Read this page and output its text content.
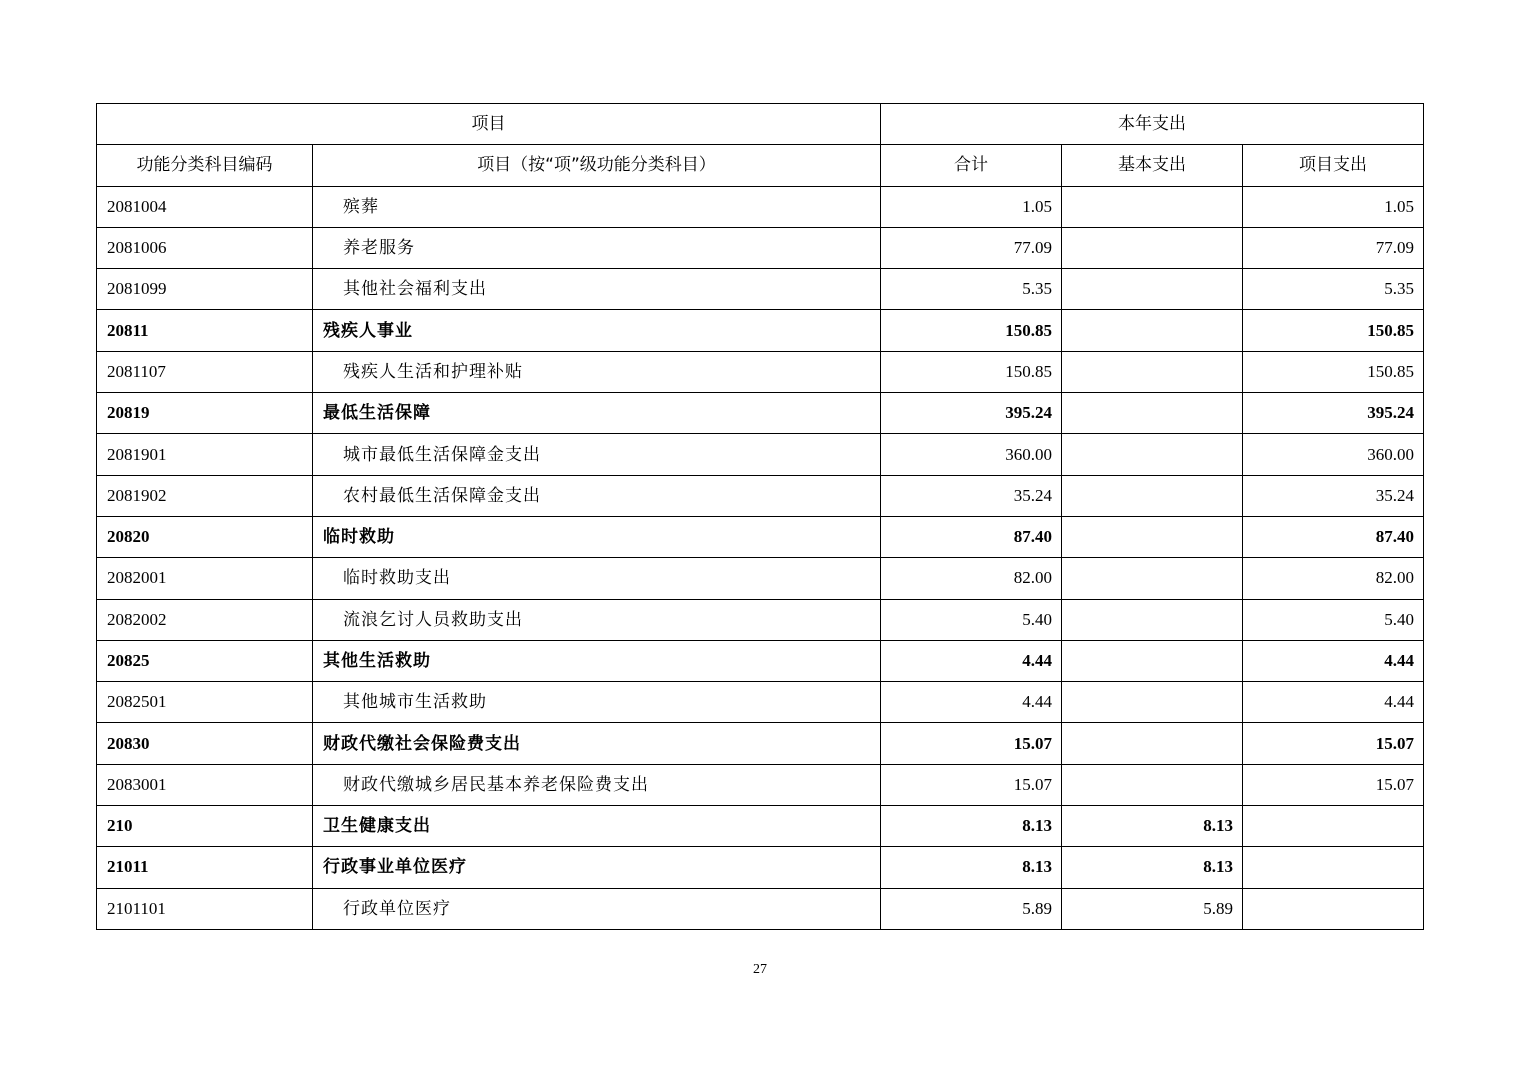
项目		本年支出		
功能分类科目编码	项目（按“项”级功能分类科目）	合计	基本支出	项目支出
2081004	殡葬	1.05		1.05
2081006	养老服务	77.09		77.09
2081099	其他社会福利支出	5.35		5.35
20811	残疾人事业	150.85		150.85
2081107	残疾人生活和护理补贴	150.85		150.85
20819	最低生活保障	395.24		395.24
2081901	城市最低生活保障金支出	360.00		360.00
2081902	农村最低生活保障金支出	35.24		35.24
20820	临时救助	87.40		87.40
2082001	临时救助支出	82.00		82.00
2082002	流浪乞讨人员救助支出	5.40		5.40
20825	其他生活救助	4.44		4.44
2082501	其他城市生活救助	4.44		4.44
20830	财政代缴社会保险费支出	15.07		15.07
2083001	财政代缴城乡居民基本养老保险费支出	15.07		15.07
210	卫生健康支出	8.13	8.13	
21011	行政事业单位医疗	8.13	8.13	
2101101	行政单位医疗	5.89	5.89	
27
